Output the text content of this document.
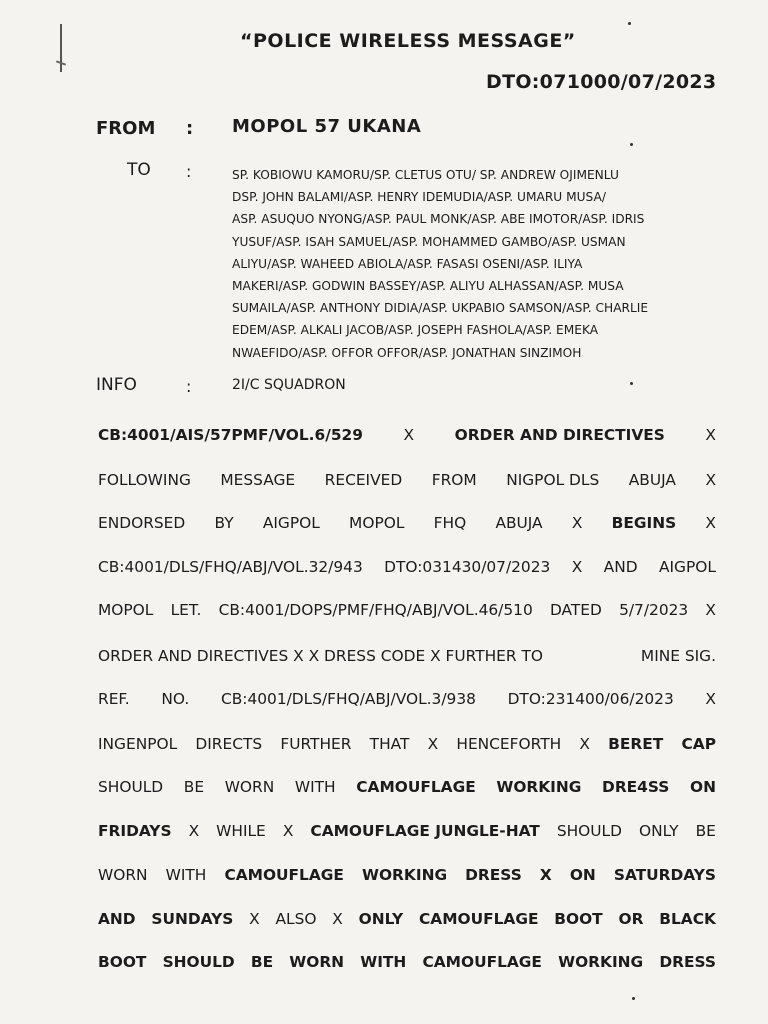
“POLICE WIRELESS MESSAGE”
DTO:071000/07/2023
FROM : MOPOL 57 UKANA
TO :	SP. KOBIOWU KAMORU/SP. CLETUS OTU/ SP. ANDREW OJIMENLU
DSP. JOHN BALAMI/ASP. HENRY IDEMUDIA/ASP. UMARU MUSA/
ASP. ASUQUO NYONG/ASP. PAUL MONK/ASP. ABE IMOTOR/ASP. IDRIS
YUSUF/ASP. ISAH SAMUEL/ASP. MOHAMMED GAMBO/ASP. USMAN
ALIYU/ASP. WAHEED ABIOLA/ASP. FASASI OSENI/ASP. ILIYA
MAKERI/ASP. GODWIN BASSEY/ASP. ALIYU ALHASSAN/ASP. MUSA
SUMAILA/ASP. ANTHONY DIDIA/ASP. UKPABIO SAMSON/ASP. CHARLIE
EDEM/ASP. ALKALI JACOB/ASP. JOSEPH FASHOLA/ASP. EMEKA
NWAEFIDO/ASP. OFFOR OFFOR/ASP. JONATHAN SINZIMOH
INFO	:	2I/C SQUADRON
CB:4001/AIS/57PMF/VOL.6/529	X	ORDER AND DIRECTIVES	X
FOLLOWING MESSAGE RECEIVED FROM NIGPOL DLS ABUJA X
ENDORSED BY AIGPOL MOPOL FHQ ABUJA X BEGINS X
CB:4001/DLS/FHQ/ABJ/VOL.32/943 DTO:031430/07/2023 X AND AIGPOL
MOPOL LET. CB:4001/DOPS/PMF/FHQ/ABJ/VOL.46/510 DATED 5/7/2023 X
ORDER AND DIRECTIVES X X DRESS CODE X FURTHER TO	MINE SIG.
REF. NO. CB:4001/DLS/FHQ/ABJ/VOL.3/938 DTO:231400/06/2023 X
INGENPOL DIRECTS FURTHER THAT X HENCEFORTH X BERET CAP
SHOULD BE WORN WITH CAMOUFLAGE WORKING DRE4SS ON
FRIDAYS X WHILE X CAMOUFLAGE JUNGLE-HAT SHOULD ONLY BE
WORN WITH CAMOUFLAGE WORKING DRESS X ON SATURDAYS
AND SUNDAYS X ALSO X ONLY CAMOUFLAGE BOOT OR BLACK
BOOT SHOULD BE WORN WITH CAMOUFLAGE WORKING DRESS
